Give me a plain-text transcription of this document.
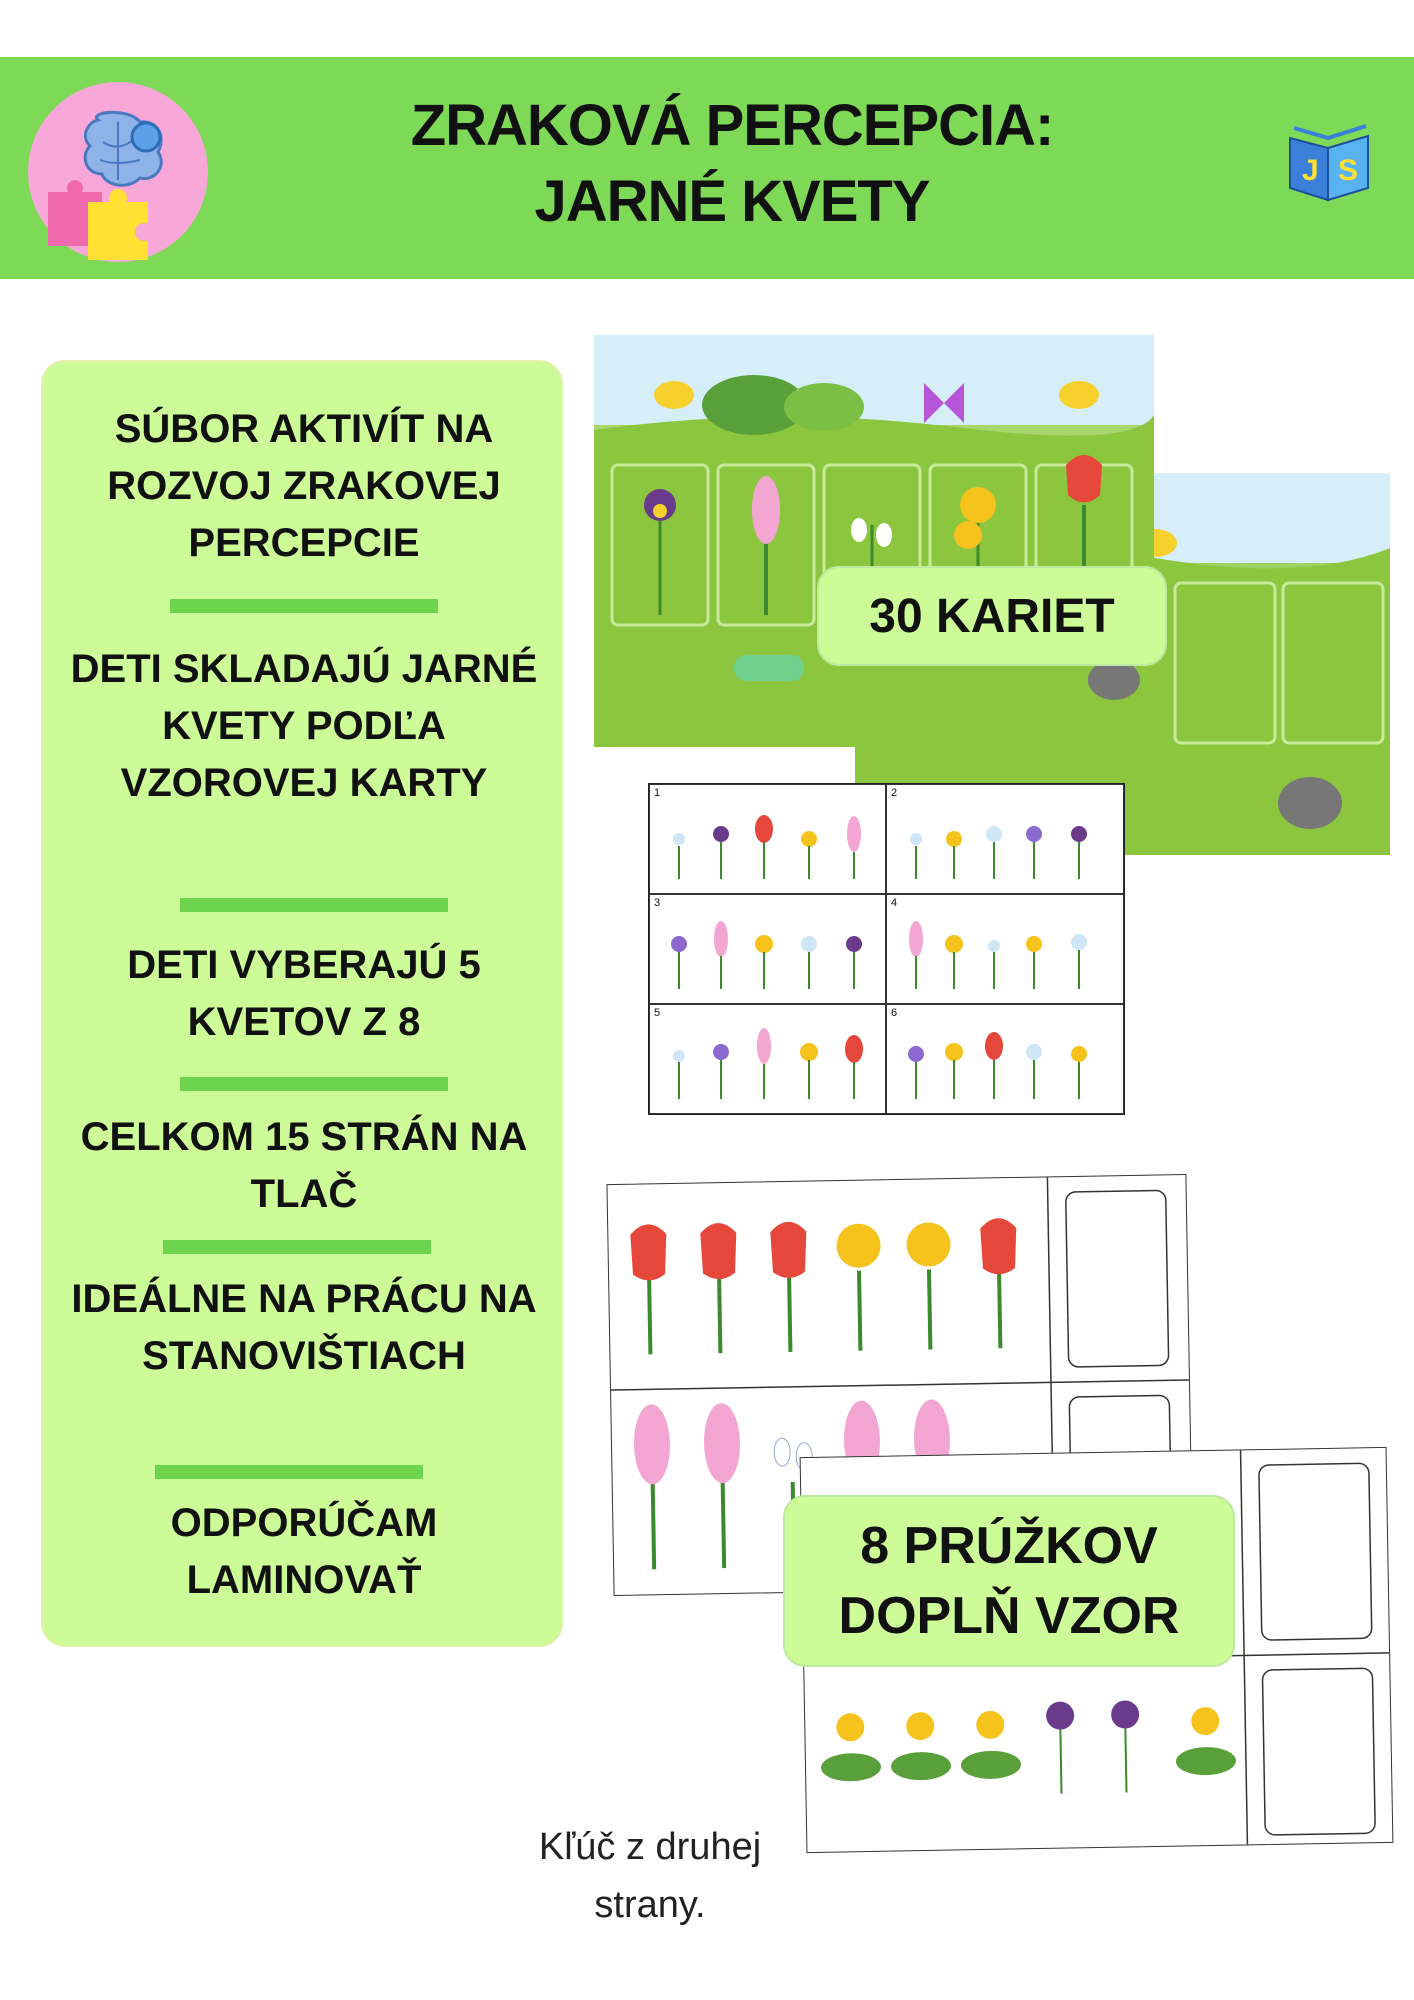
J S
ZRAKOVÁ PERCEPCIA:
JARNÉ KVETY
SÚBOR AKTIVÍT NA ROZVOJ ZRAKOVEJ PERCEPCIE
DETI SKLADAJÚ JARNÉ KVETY PODĽA VZOROVEJ KARTY
DETI VYBERAJÚ 5 KVETOV Z 8
CELKOM 15 STRÁN NA TLAČ
IDEÁLNE NA PRÁCU NA STANOVIŠTIACH
ODPORÚČAM LAMINOVAŤ
30 KARIET
1	2
3	4
5	6
8 PRÚŽKOV
DOPLŇ VZOR
Kľúč z druhej
strany.
